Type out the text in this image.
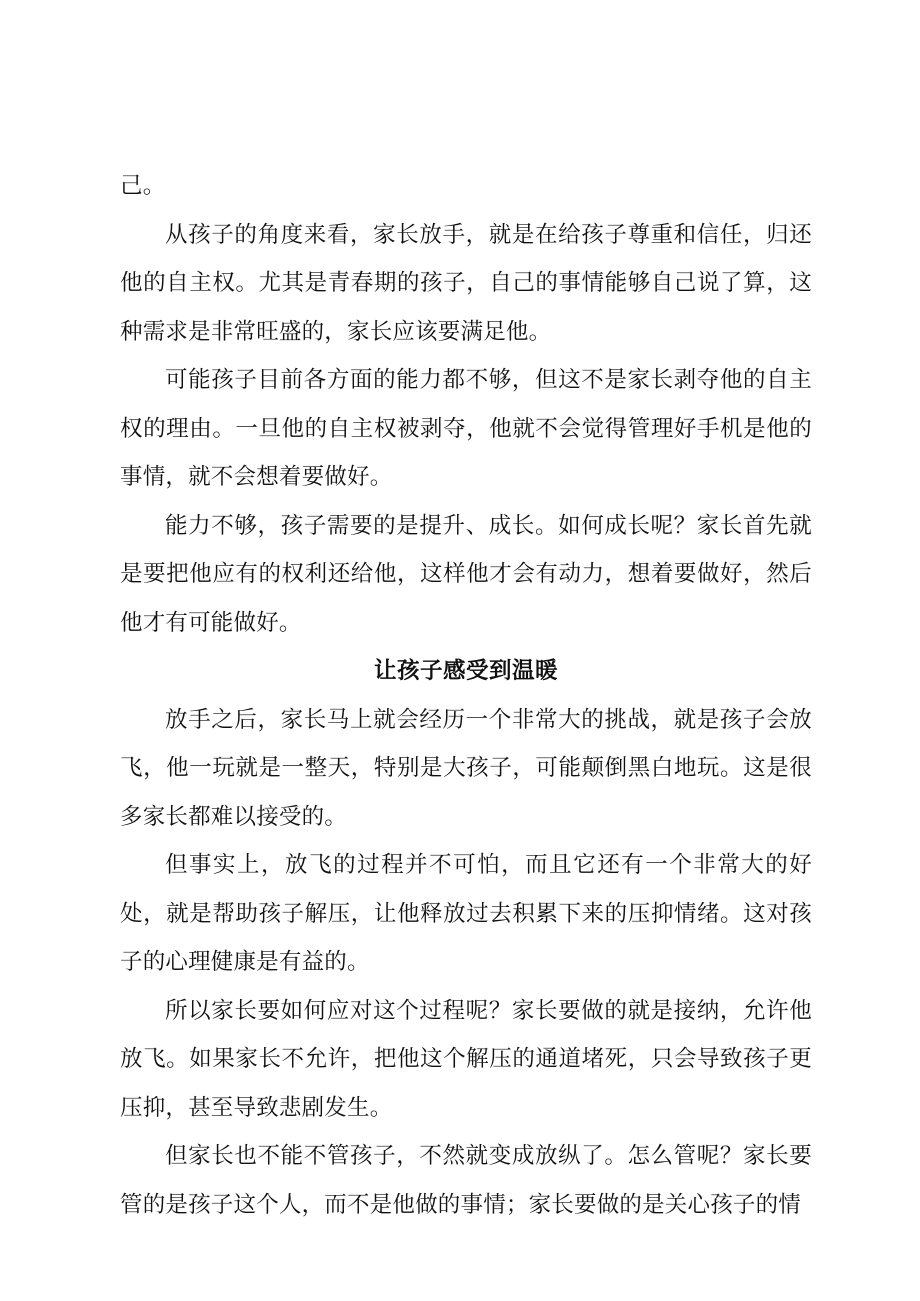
己。

从孩子的角度来看，家长放手，就是在给孩子尊重和信任，归还他的自主权。尤其是青春期的孩子，自己的事情能够自己说了算，这种需求是非常旺盛的，家长应该要满足他。

可能孩子目前各方面的能力都不够，但这不是家长剥夺他的自主权的理由。一旦他的自主权被剥夺，他就不会觉得管理好手机是他的事情，就不会想着要做好。

能力不够，孩子需要的是提升、成长。如何成长呢？家长首先就是要把他应有的权利还给他，这样他才会有动力，想着要做好，然后他才有可能做好。

让孩子感受到温暖

放手之后，家长马上就会经历一个非常大的挑战，就是孩子会放飞，他一玩就是一整天，特别是大孩子，可能颠倒黑白地玩。这是很多家长都难以接受的。

但事实上，放飞的过程并不可怕，而且它还有一个非常大的好处，就是帮助孩子解压，让他释放过去积累下来的压抑情绪。这对孩子的心理健康是有益的。

所以家长要如何应对这个过程呢？家长要做的就是接纳，允许他放飞。如果家长不允许，把他这个解压的通道堵死，只会导致孩子更压抑，甚至导致悲剧发生。

但家长也不能不管孩子，不然就变成放纵了。怎么管呢？家长要管的是孩子这个人，而不是他做的事情；家长要做的是关心孩子的情
